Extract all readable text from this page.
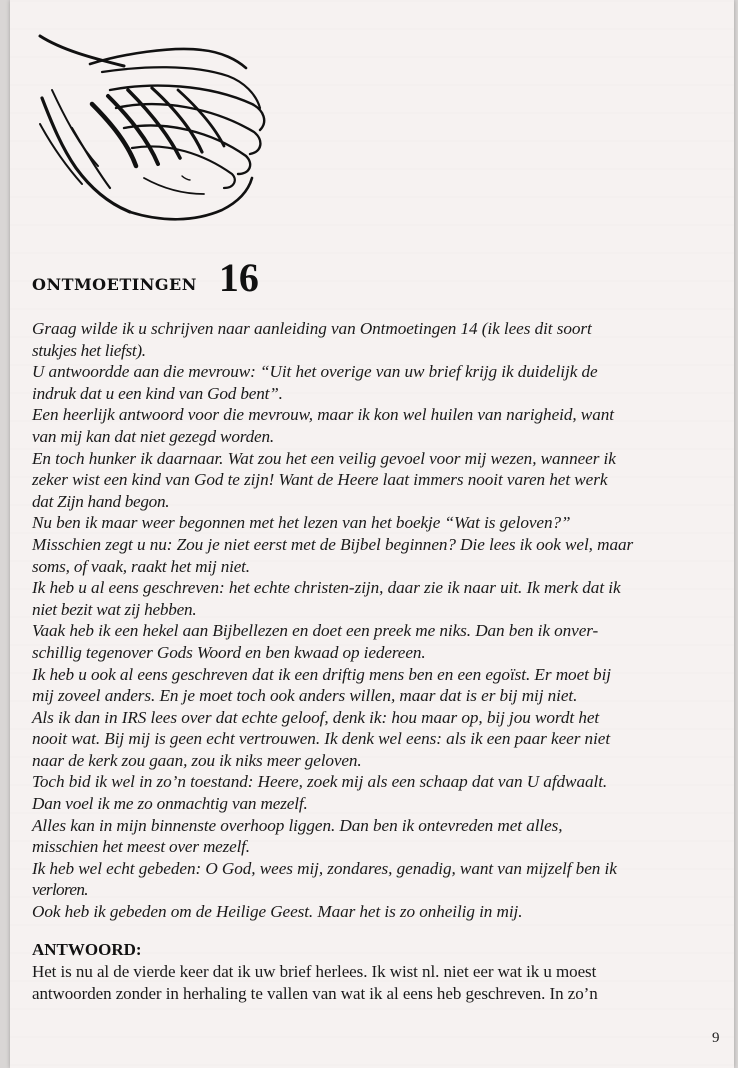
ONTMOETINGEN 16
Graag wilde ik u schrijven naar aanleiding van Ontmoetingen 14 (ik lees dit soort
stukjes het liefst).
U antwoordde aan die mevrouw: “Uit het overige van uw brief krijg ik duidelijk de
indruk dat u een kind van God bent”.
Een heerlijk antwoord voor die mevrouw, maar ik kon wel huilen van narigheid, want
van mij kan dat niet gezegd worden.
En toch hunker ik daarnaar. Wat zou het een veilig gevoel voor mij wezen, wanneer ik
zeker wist een kind van God te zijn! Want de Heere laat immers nooit varen het werk
dat Zijn hand begon.
Nu ben ik maar weer begonnen met het lezen van het boekje “Wat is geloven?”
Misschien zegt u nu: Zou je niet eerst met de Bijbel beginnen? Die lees ik ook wel, maar
soms, of vaak, raakt het mij niet.
Ik heb u al eens geschreven: het echte christen-zijn, daar zie ik naar uit. Ik merk dat ik
niet bezit wat zij hebben.
Vaak heb ik een hekel aan Bijbellezen en doet een preek me niks. Dan ben ik onver-
schillig tegenover Gods Woord en ben kwaad op iedereen.
Ik heb u ook al eens geschreven dat ik een driftig mens ben en een egoïst. Er moet bij
mij zoveel anders. En je moet toch ook anders willen, maar dat is er bij mij niet.
Als ik dan in IRS lees over dat echte geloof, denk ik: hou maar op, bij jou wordt het
nooit wat. Bij mij is geen echt vertrouwen. Ik denk wel eens: als ik een paar keer niet
naar de kerk zou gaan, zou ik niks meer geloven.
Toch bid ik wel in zo’n toestand: Heere, zoek mij als een schaap dat van U afdwaalt.
Dan voel ik me zo onmachtig van mezelf.
Alles kan in mijn binnenste overhoop liggen. Dan ben ik ontevreden met alles,
misschien het meest over mezelf.
Ik heb wel echt gebeden: O God, wees mij, zondares, genadig, want van mijzelf ben ik
verloren.
Ook heb ik gebeden om de Heilige Geest. Maar het is zo onheilig in mij.
ANTWOORD:
Het is nu al de vierde keer dat ik uw brief herlees. Ik wist nl. niet eer wat ik u moest
antwoorden zonder in herhaling te vallen van wat ik al eens heb geschreven. In zo’n
9
